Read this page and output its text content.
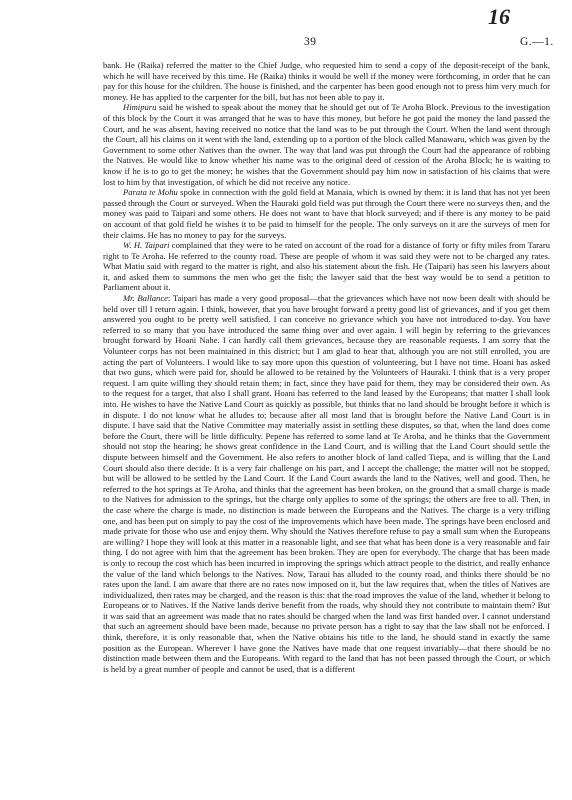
16
39	G.—1.

bank. He (Raika) referred the matter to the Chief Judge, who requested him to send a copy of the deposit-receipt of the bank, which he will have received by this time. He (Raika) thinks it would be well if the money were forthcoming, in order that he can pay for this house for the children. The house is finished, and the carpenter has been good enough not to press him very much for money. He has applied to the carpenter for the bill, but has not been able to pay it.

Himipuru said he wished to speak about the money that he should get out of Te Aroha Block. Previous to the investigation of this block by the Court it was arranged that he was to have this money, but before he got paid the money the land passed the Court, and he was absent, having received no notice that the land was to be put through the Court. When the land went through the Court, all his claims on it went with the land, extending up to a portion of the block called Manawaru, which was given by the Government to some other Natives than the owner. The way that land was put through the Court had the appearance of robbing the Natives. He would like to know whether his name was to the original deed of cession of the Aroha Block; he is waiting to know if he is to go to get the money; he wishes that the Government should pay him now in satisfaction of his claims that were lost to him by that investigation, of which he did not receive any notice.

Parata te Mohu spoke in connection with the gold field at Manaia, which is owned by them: it is land that has not yet been passed through the Court or surveyed. When the Hauraki gold field was put through the Court there were no surveys then, and the money was paid to Taipari and some others. He does not want to have that block surveyed; and if there is any money to be paid on account of that gold field he wishes it to be paid to himself for the people. The only surveys on it are the surveys of men for their claims. He has no money to pay for the surveys.

W. H. Taipari complained that they were to be rated on account of the road for a distance of forty or fifty miles from Tararu right to Te Aroha. He referred to the county road. These are people of whom it was said they were not to be charged any rates. What Matiu said with regard to the matter is right, and also his statement about the fish. He (Taipari) has seen his lawyers about it, and asked them to summons the men who get the fish; the lawyer said that the best way would be to send a petition to Parliament about it.

Mr. Ballance: Taipari has made a very good proposal—that the grievances which have not now been dealt with should be held over till I return again. I think, however, that you have brought forward a pretty good list of grievances, and if you get them answered you ought to be pretty well satisfied. I can conceive no grievance which you have not introduced to-day. You have referred to so many that you have introduced the same thing over and over again. I will begin by referring to the grievances brought forward by Hoani Nahe. I can hardly call them grievances, because they are reasonable requests. I am sorry that the Volunteer corps has not been maintained in this district; but I am glad to hear that, although you are not still enrolled, you are acting the part of Volunteers. I would like to say more upon this question of volunteering, but I have not time. Hoani has asked that two guns, which were paid for, should be allowed to be retained by the Volunteers of Hauraki. I think that is a very proper request. I am quite willing they should retain them; in fact, since they have paid for them, they may be considered their own. As to the request for a target, that also I shall grant. Hoani has referred to the land leased by the Europeans; that matter I shall look into. He wishes to have the Native Land Court as quickly as possible, but thinks that no land should be brought before it which is in dispute. I do not know what he alludes to; because after all most land that is brought before the Native Land Court is in dispute. I have said that the Native Committee may materially assist in settling these disputes, so that, when the land does come before the Court, there will be little difficulty. Pepene has referred to some land at Te Aroha, and he thinks that the Government should not stop the hearing; he shows great confidence in the Land Court, and is willing that the Land Court should settle the dispute between himself and the Government. He also refers to another block of land called Tiepa, and is willing that the Land Court should also there decide. It is a very fair challenge on his part, and I accept the challenge; the matter will not be stopped, but will be allowed to be settled by the Land Court. If the Land Court awards the land to the Natives, well and good. Then, he referred to the hot springs at Te Aroha, and thinks that the agreement has been broken, on the ground that a small charge is made to the Natives for admission to the springs, but the charge only applies to some of the springs; the others are free to all. Then, in the case where the charge is made, no distinction is made between the Europeans and the Natives. The charge is a very trifling one, and has been put on simply to pay the cost of the improvements which have been made. The springs have been enclosed and made private for those who use and enjoy them. Why should the Natives therefore refuse to pay a small sum when the Europeans are willing? I hope they will look at this matter in a reasonable light, and see that what has been done is a very reasonable and fair thing. I do not agree with him that the agreement has been broken. They are open for everybody. The charge that has been made is only to recoup the cost which has been incurred in improving the springs which attract people to the district, and really enhance the value of the land which belongs to the Natives. Now, Taraui has alluded to the county road, and thinks there should be no rates upon the land. I am aware that there are no rates now imposed on it, but the law requires that, when the titles of Natives are individualized, then rates may be charged, and the reason is this: that the road improves the value of the land, whether it belong to Europeans or to Natives. If the Native lands derive benefit from the roads, why should they not contribute to maintain them? But it was said that an agreement was made that no rates should be charged when the land was first handed over. I cannot understand that such an agreement should have been made, because no private person has a right to say that the law shall not be enforced. I think, therefore, it is only reasonable that, when the Native obtains his title to the land, he should stand in exactly the same position as the European. Wherever I have gone the Natives have made that one request invariably—that there should be no distinction made between them and the Europeans. With regard to the land that has not been passed through the Court, or which is held by a great number of people and cannot be used, that is a different
